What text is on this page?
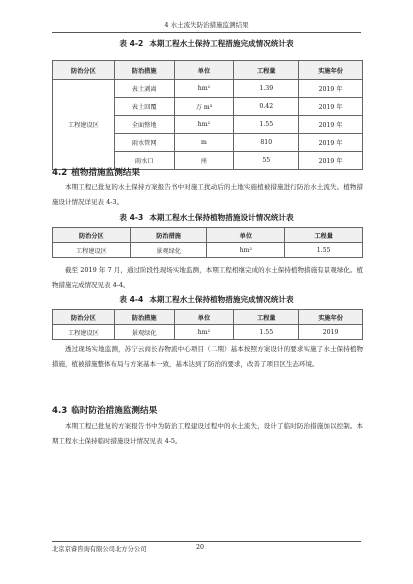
4 水土流失防治措施监测结果
表 4-2 本期工程水土保持工程措施完成情况统计表
防治分区	防治措施	单位	工程量	实施年份
工程建设区	表土剥离	hm²	1.39	2019 年
	表土回覆	万 m³	0.42	2019 年
	全面整地	hm²	1.55	2019 年
	雨水管网	m	810	2019 年
	雨水口	座	55	2019 年
4.2 植物措施监测结果
本期工程已批复的水土保持方案报告书中对施工扰动后的土地实施植被措施进行防治水土流失。植物措施设计情况详见表 4-3。
表 4-3 本期工程水土保持植物措施设计情况统计表
防治分区	防治措施	单位	工程量
工程建设区	景观绿化	hm²	1.55
截至 2019 年 7 月，通过阶段性现场实地监测，本期工程相继完成的水土保持植物措施有景观绿化。植物措施完成情况见表 4-4。
表 4-4 本期工程水土保持植物措施完成情况统计表
防治分区	防治措施	单位	工程量	实施年份
工程建设区	景观绿化	hm²	1.55	2019
透过现场实地监测，苏宁云商长春物流中心项目（二期）基本按照方案设计的要求实施了水土保持植物措施，植被措施整体布局与方案基本一致，基本达到了防治的要求，改善了项目区生态环境。
4.3 临时防治措施监测结果
本期工程已批复的方案报告书中为防治工程建设过程中的水土流失，设计了临时防治措施加以控制。本期工程水土保持临时措施设计情况见表 4-5。
北京京睿咨询有限公司北方分公司	20
